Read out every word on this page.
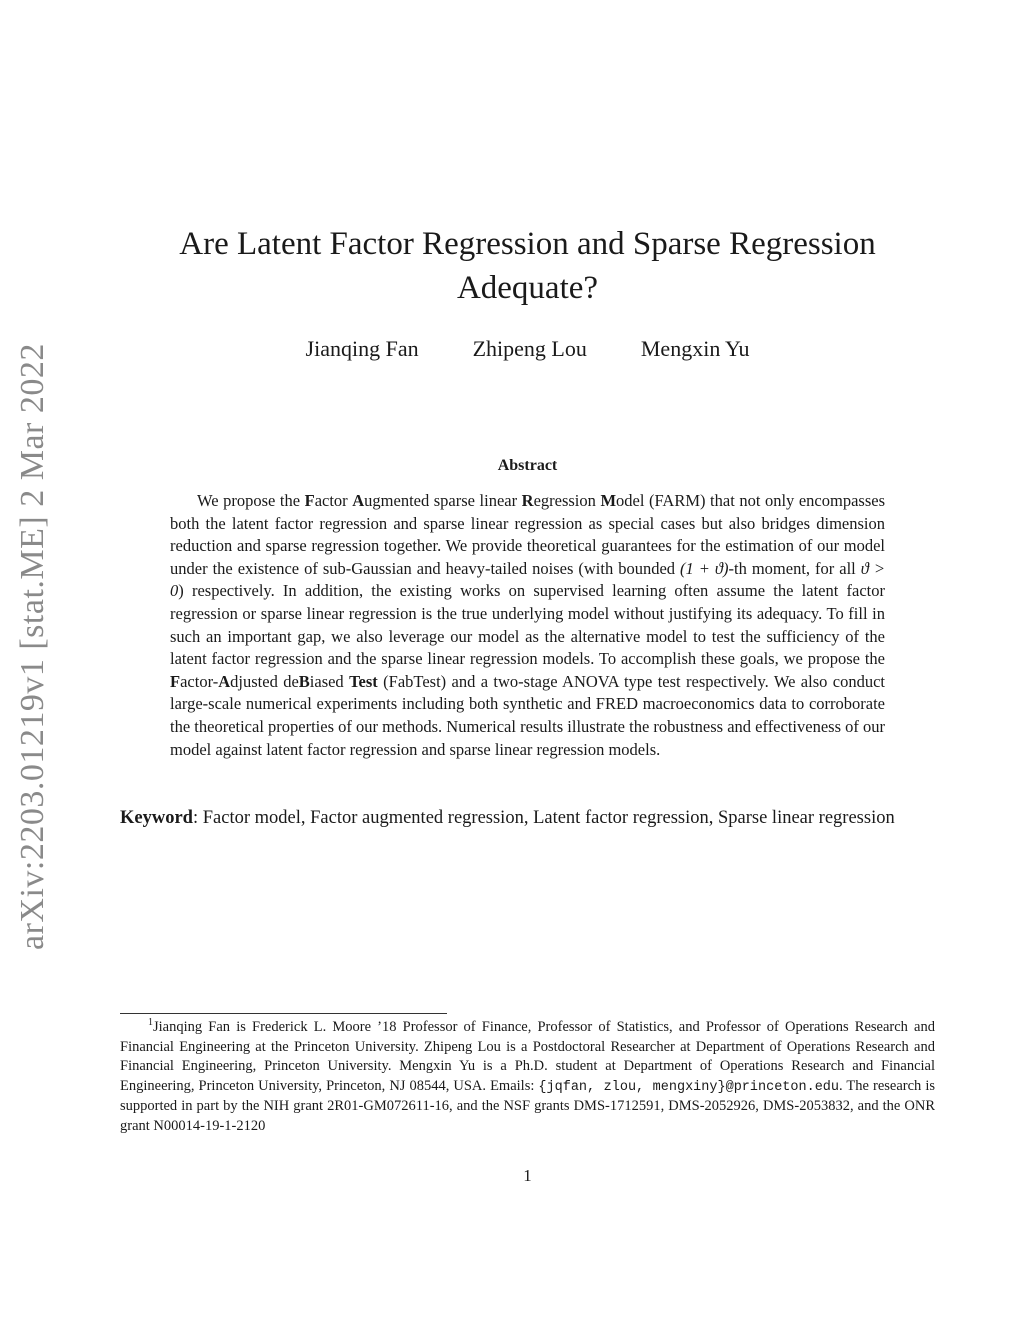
arXiv:2203.01219v1 [stat.ME] 2 Mar 2022
Are Latent Factor Regression and Sparse Regression Adequate?
Jianqing Fan Zhipeng Lou Mengxin Yu
Abstract

We propose the Factor Augmented sparse linear Regression Model (FARM) that not only encompasses both the latent factor regression and sparse linear regression as special cases but also bridges dimension reduction and sparse regression together. We provide theoretical guarantees for the estimation of our model under the existence of sub-Gaussian and heavy-tailed noises (with bounded (1 + ϑ)-th moment, for all ϑ > 0) respectively. In addition, the existing works on supervised learning often assume the latent factor regression or sparse linear regression is the true underlying model without justifying its adequacy. To fill in such an important gap, we also leverage our model as the alternative model to test the sufficiency of the latent factor regression and the sparse linear regression models. To accomplish these goals, we propose the Factor-Adjusted deBiased Test (FabTest) and a two-stage ANOVA type test respectively. We also conduct large-scale numerical experiments including both synthetic and FRED macroeconomics data to corroborate the theoretical properties of our methods. Numerical results illustrate the robustness and effectiveness of our model against latent factor regression and sparse linear regression models.

Keyword: Factor model, Factor augmented regression, Latent factor regression, Sparse linear regression

$^1$Jianqing Fan is Frederick L. Moore ’18 Professor of Finance, Professor of Statistics, and Professor of Operations Research and Financial Engineering at the Princeton University. Zhipeng Lou is a Postdoctoral Researcher at Department of Operations Research and Financial Engineering, Princeton University. Mengxin Yu is a Ph.D. student at Department of Operations Research and Financial Engineering, Princeton University, Princeton, NJ 08544, USA. Emails: {jqfan, zlou, mengxiny}@princeton.edu. The research is supported in part by the NIH grant 2R01-GM072611-16, and the NSF grants DMS-1712591, DMS-2052926, DMS-2053832, and the ONR grant N00014-19-1-2120

1
